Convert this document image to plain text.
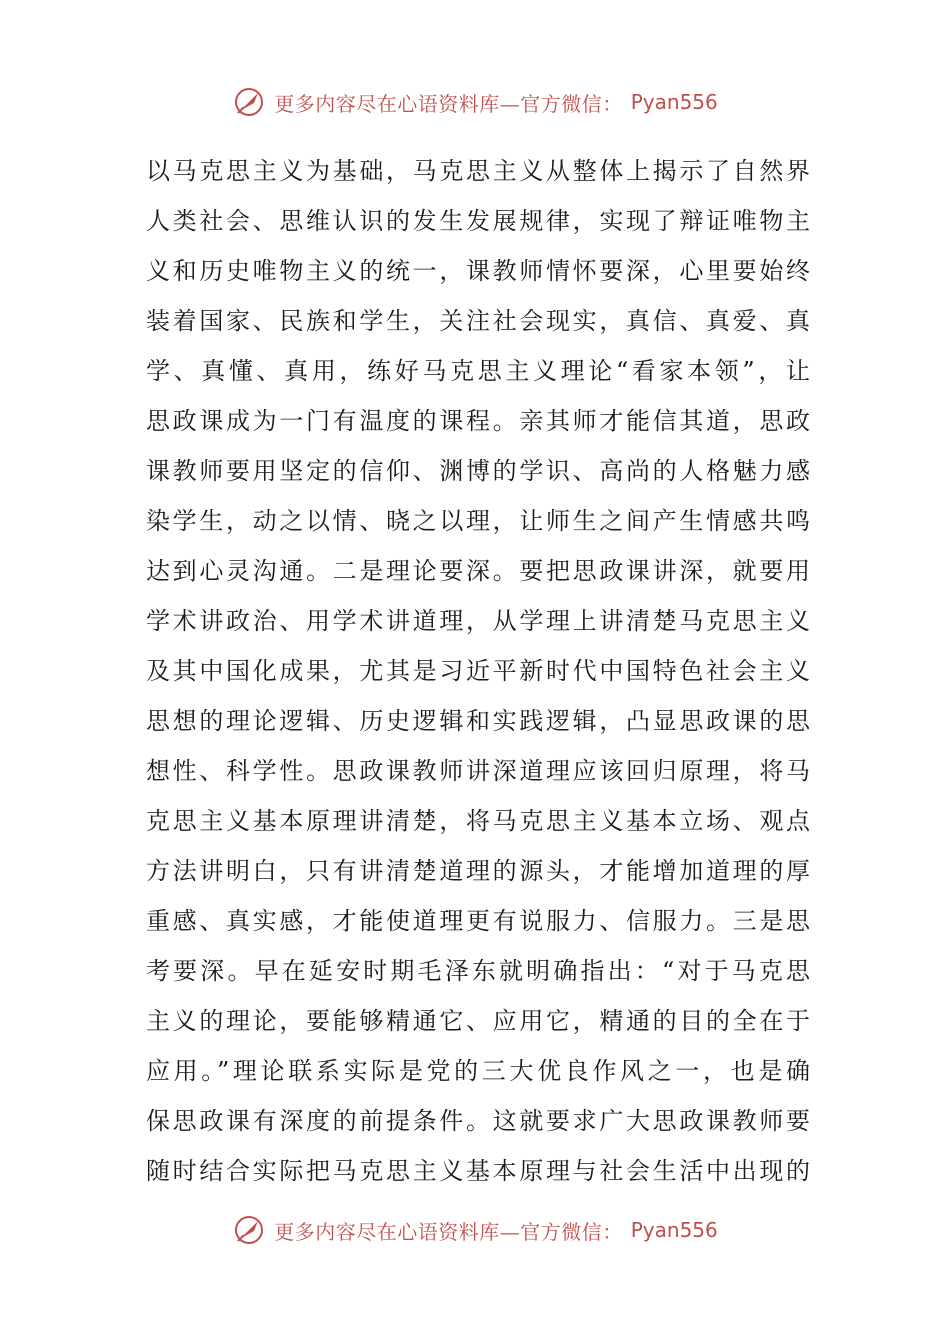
更多内容尽在心语资料库—官方微信： Pyan556
以马克思主义为基础，马克思主义从整体上揭示了自然界
人类社会、思维认识的发生发展规律，实现了辩证唯物主
义和历史唯物主义的统一，课教师情怀要深，心里要始终
装着国家、民族和学生，关注社会现实，真信、真爱、真
学、真懂、真用，练好马克思主义理论“看家本领”，让
思政课成为一门有温度的课程。亲其师才能信其道，思政
课教师要用坚定的信仰、渊博的学识、高尚的人格魅力感
染学生，动之以情、晓之以理，让师生之间产生情感共鸣
达到心灵沟通。二是理论要深。要把思政课讲深，就要用
学术讲政治、用学术讲道理，从学理上讲清楚马克思主义
及其中国化成果，尤其是习近平新时代中国特色社会主义
思想的理论逻辑、历史逻辑和实践逻辑，凸显思政课的思
想性、科学性。思政课教师讲深道理应该回归原理，将马
克思主义基本原理讲清楚，将马克思主义基本立场、观点
方法讲明白，只有讲清楚道理的源头，才能增加道理的厚
重感、真实感，才能使道理更有说服力、信服力。三是思
考要深。早在延安时期毛泽东就明确指出：“对于马克思
主义的理论，要能够精通它、应用它，精通的目的全在于
应用。”理论联系实际是党的三大优良作风之一，也是确
保思政课有深度的前提条件。这就要求广大思政课教师要
随时结合实际把马克思主义基本原理与社会生活中出现的
更多内容尽在心语资料库—官方微信： Pyan556
